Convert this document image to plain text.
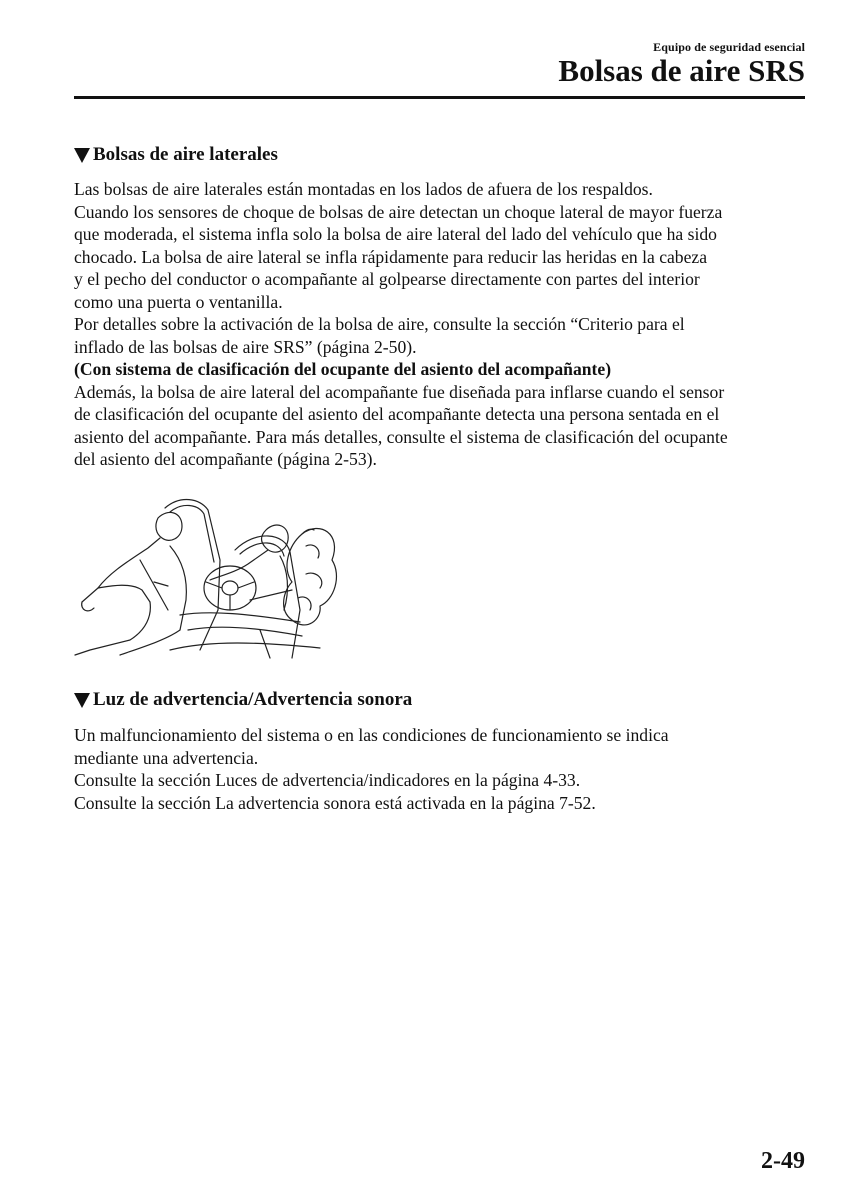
Equipo de seguridad esencial
Bolsas de aire SRS
Bolsas de aire laterales

Las bolsas de aire laterales están montadas en los lados de afuera de los respaldos.

Cuando los sensores de choque de bolsas de aire detectan un choque lateral de mayor fuerza

que moderada, el sistema infla solo la bolsa de aire lateral del lado del vehículo que ha sido

chocado. La bolsa de aire lateral se infla rápidamente para reducir las heridas en la cabeza

y el pecho del conductor o acompañante al golpearse directamente con partes del interior

como una puerta o ventanilla.

Por detalles sobre la activación de la bolsa de aire, consulte la sección “Criterio para el

inflado de las bolsas de aire SRS” (página 2-50).

(Con sistema de clasificación del ocupante del asiento del acompañante)

Además, la bolsa de aire lateral del acompañante fue diseñada para inflarse cuando el sensor

de clasificación del ocupante del asiento del acompañante detecta una persona sentada en el

asiento del acompañante. Para más detalles, consulte el sistema de clasificación del ocupante

del asiento del acompañante (página 2-53).

Luz de advertencia/Advertencia sonora

Un malfuncionamiento del sistema o en las condiciones de funcionamiento se indica

mediante una advertencia.

Consulte la sección Luces de advertencia/indicadores en la página 4-33.

Consulte la sección La advertencia sonora está activada en la página 7-52.

2-49
